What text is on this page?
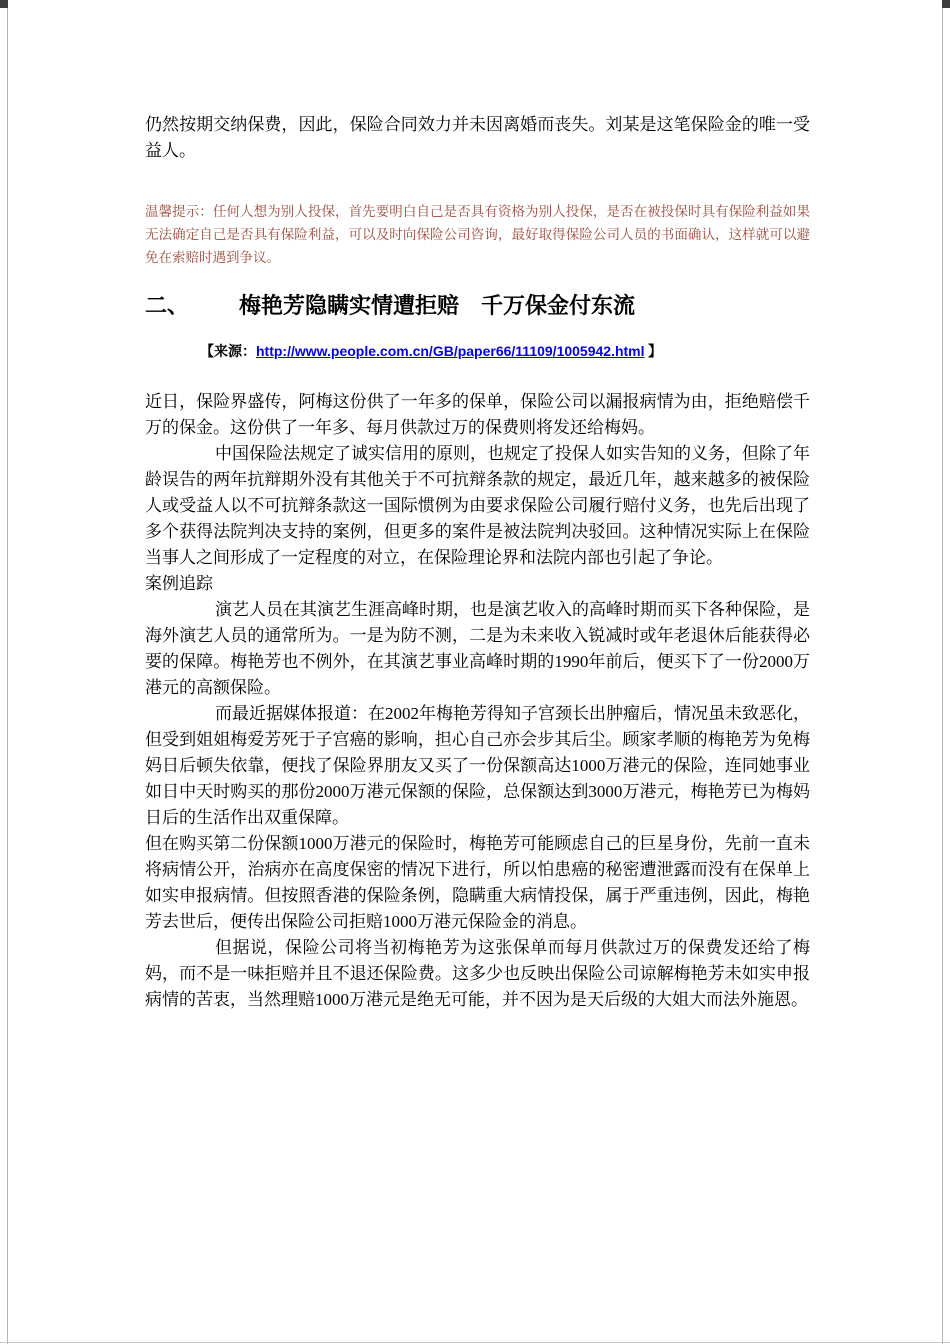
仍然按期交纳保费，因此，保险合同效力并未因离婚而丧失。刘某是这笔保险金的唯一受益人。

温馨提示：任何人想为别人投保，首先要明白自己是否具有资格为别人投保，是否在被投保时具有保险利益如果无法确定自己是否具有保险利益，可以及时向保险公司咨询，最好取得保险公司人员的书面确认，这样就可以避免在索赔时遇到争议。

二、 梅艳芳隐瞒实情遭拒赔　千万保金付东流

【来源：http://www.people.com.cn/GB/paper66/11109/1005942.html 】

近日，保险界盛传，阿梅这份供了一年多的保单，保险公司以漏报病情为由，拒绝赔偿千万的保金。这份供了一年多、每月供款过万的保费则将发还给梅妈。

中国保险法规定了诚实信用的原则，也规定了投保人如实告知的义务，但除了年龄误告的两年抗辩期外没有其他关于不可抗辩条款的规定，最近几年，越来越多的被保险人或受益人以不可抗辩条款这一国际惯例为由要求保险公司履行赔付义务，也先后出现了多个获得法院判决支持的案例，但更多的案件是被法院判决驳回。这种情况实际上在保险当事人之间形成了一定程度的对立，在保险理论界和法院内部也引起了争论。

案例追踪

演艺人员在其演艺生涯高峰时期，也是演艺收入的高峰时期而买下各种保险，是海外演艺人员的通常所为。一是为防不测，二是为未来收入锐减时或年老退休后能获得必要的保障。梅艳芳也不例外，在其演艺事业高峰时期的1990年前后，便买下了一份2000万港元的高额保险。

而最近据媒体报道：在2002年梅艳芳得知子宫颈长出肿瘤后，情况虽未致恶化，但受到姐姐梅爱芳死于子宫癌的影响，担心自己亦会步其后尘。顾家孝顺的梅艳芳为免梅妈日后顿失依靠，便找了保险界朋友又买了一份保额高达1000万港元的保险，连同她事业如日中天时购买的那份2000万港元保额的保险，总保额达到3000万港元，梅艳芳已为梅妈日后的生活作出双重保障。

但在购买第二份保额1000万港元的保险时，梅艳芳可能顾虑自己的巨星身份，先前一直未将病情公开，治病亦在高度保密的情况下进行，所以怕患癌的秘密遭泄露而没有在保单上如实申报病情。但按照香港的保险条例，隐瞒重大病情投保，属于严重违例，因此，梅艳芳去世后，便传出保险公司拒赔1000万港元保险金的消息。

但据说，保险公司将当初梅艳芳为这张保单而每月供款过万的保费发还给了梅妈，而不是一味拒赔并且不退还保险费。这多少也反映出保险公司谅解梅艳芳未如实申报病情的苦衷，当然理赔1000万港元是绝无可能，并不因为是天后级的大姐大而法外施恩。
